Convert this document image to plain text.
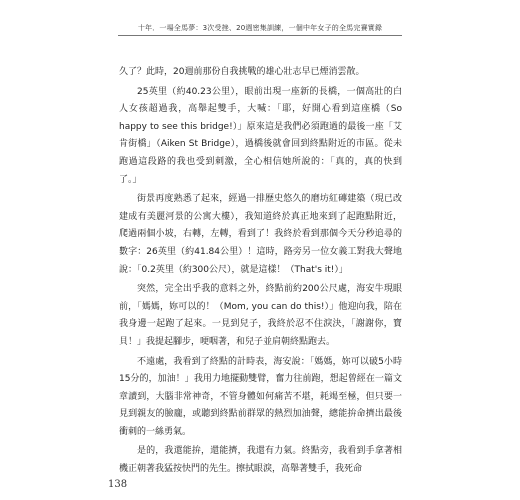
十年．一場全馬夢：3次受挫、20週密集訓練，一個中年女子的全馬完賽實錄

久了？此時，20週前那份自我挑戰的雄心壯志早已煙消雲散。

25英里（約40.23公里），眼前出現一座新的長橋，一個高壯的白人女孩超過我，高舉起雙手，大喊：「耶，好開心看到這座橋（So happy to see this bridge!）」原來這是我們必須跑過的最後一座「艾肯街橋」（Aiken St Bridge），過橋後就會回到終點附近的市區。從未跑過這段路的我也受到刺激，全心相信她所說的：「真的，真的快到了。」

街景再度熟悉了起來，經過一排歷史悠久的磨坊紅磚建築（現已改建成有美麗河景的公寓大樓），我知道終於真正地來到了起跑點附近，爬過兩個小坡，右轉，左轉，看到了！我終於看到那個今天分秒追尋的數字：26英里（約41.84公里）！這時，路旁另一位女義工對我大聲地說：「0.2英里（約300公尺），就是這樣！（That's it!）」

突然，完全出乎我的意料之外，終點前約200公尺處，海安牛現眼前，「媽媽，妳可以的！（Mom, you can do this!）」他迎向我，陪在我身邊一起跑了起來。一見到兒子，我終於忍不住淚決，「謝謝你，寶貝！」我提起腳步，哽咽著，和兒子並肩朝終點跑去。

不遠處，我看到了終點的計時表，海安說：「媽媽，妳可以破5小時15分的，加油！」我用力地擺動雙臂，奮力往前跑，想起曾經在一篇文章讀到，大腦非常神奇，不管身體如何痛苦不堪，耗竭至極，但只要一見到親友的臉龐，或聽到終點前群眾的熱烈加油聲，總能拚命擠出最後衝刺的一絲勇氣。

是的，我還能拚，還能擠，我還有力氣。終點旁，我看到手拿著相機正朝著我猛按快門的先生。擦拭眼淚，高舉著雙手，我死命

138
